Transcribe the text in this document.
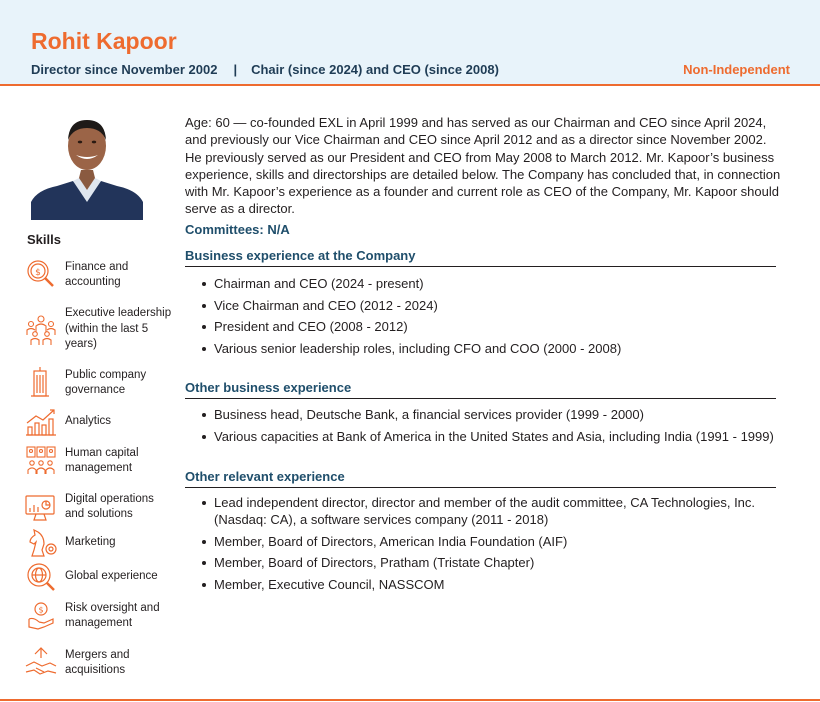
Rohit Kapoor
Director since November 2002 | Chair (since 2024) and CEO (since 2008)	Non-Independent
Skills
$
Finance and accounting
Executive leadership (within the last 5 years)
Public company governance
Analytics
Human capital management
Digital operations and solutions
Marketing
Global experience
$ Risk oversight and management
Mergers and acquisitions

Age: 60 — co-founded EXL in April 1999 and has served as our Chairman and CEO since April 2024, and previously our Vice Chairman and CEO since April 2012 and as a director since November 2002. He previously served as our President and CEO from May 2008 to March 2012. Mr. Kapoor’s business experience, skills and directorships are detailed below. The Company has concluded that, in connection with Mr. Kapoor’s experience as a founder and current role as CEO of the Company, Mr. Kapoor should serve as a director.

Committees: N/A
Business experience at the Company
Chairman and CEO (2024 - present)
Vice Chairman and CEO (2012 - 2024)
President and CEO (2008 - 2012)
Various senior leadership roles, including CFO and COO (2000 - 2008)
Other business experience
Business head, Deutsche Bank, a financial services provider (1999 - 2000)
Various capacities at Bank of America in the United States and Asia, including India (1991 - 1999)
Other relevant experience
Lead independent director, director and member of the audit committee, CA Technologies, Inc. (Nasdaq: CA), a software services company (2011 - 2018)
Member, Board of Directors, American India Foundation (AIF)
Member, Board of Directors, Pratham (Tristate Chapter)
Member, Executive Council, NASSCOM
